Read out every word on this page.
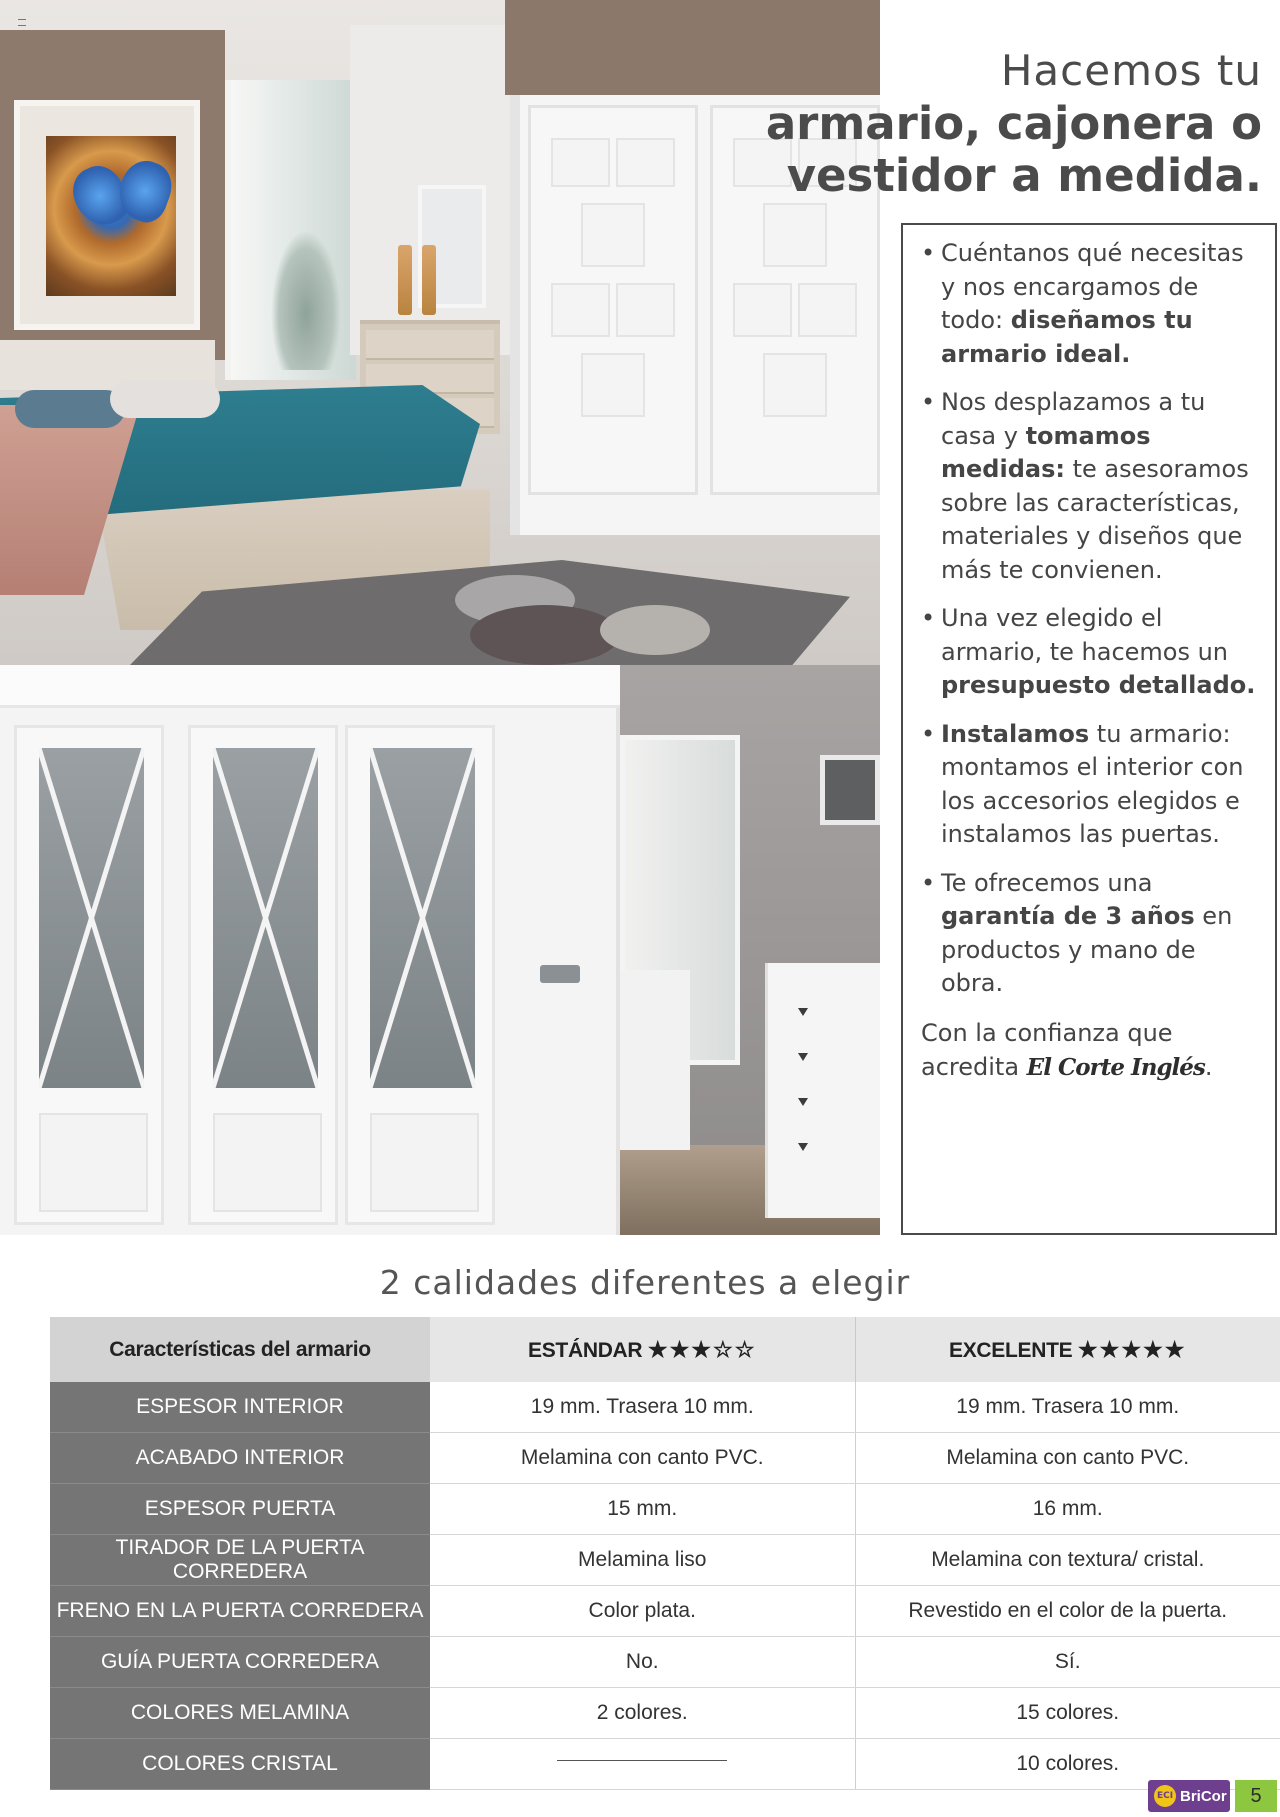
Hacemos tu
armario, cajonera o
vestidor a medida.
• Cuéntanos qué necesitas y nos encargamos de todo: diseñamos tu armario ideal.
• Nos desplazamos a tu casa y tomamos medidas: te asesoramos sobre las características, materiales y diseños que más te convienen.
• Una vez elegido el armario, te hacemos un presupuesto detallado.
• Instalamos tu armario: montamos el interior con los accesorios elegidos e instalamos las puertas.
• Te ofrecemos una garantía de 3 años en productos y mano de obra.
Con la confianza que acredita El Corte Inglés.
2 calidades diferentes a elegir
Características del armario	ESTÁNDAR ★★★☆☆	EXCELENTE ★★★★★
ESPESOR INTERIOR	19 mm. Trasera 10 mm.	19 mm. Trasera 10 mm.
ACABADO INTERIOR	Melamina con canto PVC.	Melamina con canto PVC.
ESPESOR PUERTA	15 mm.	16 mm.
TIRADOR DE LA PUERTA CORREDERA	Melamina liso	Melamina con textura/ cristal.
FRENO EN LA PUERTA CORREDERA	Color plata.	Revestido en el color de la puerta.
GUÍA PUERTA CORREDERA	No.	Sí.
COLORES MELAMINA	2 colores.	15 colores.
COLORES CRISTAL		10 colores.
ECI BriCor	5
